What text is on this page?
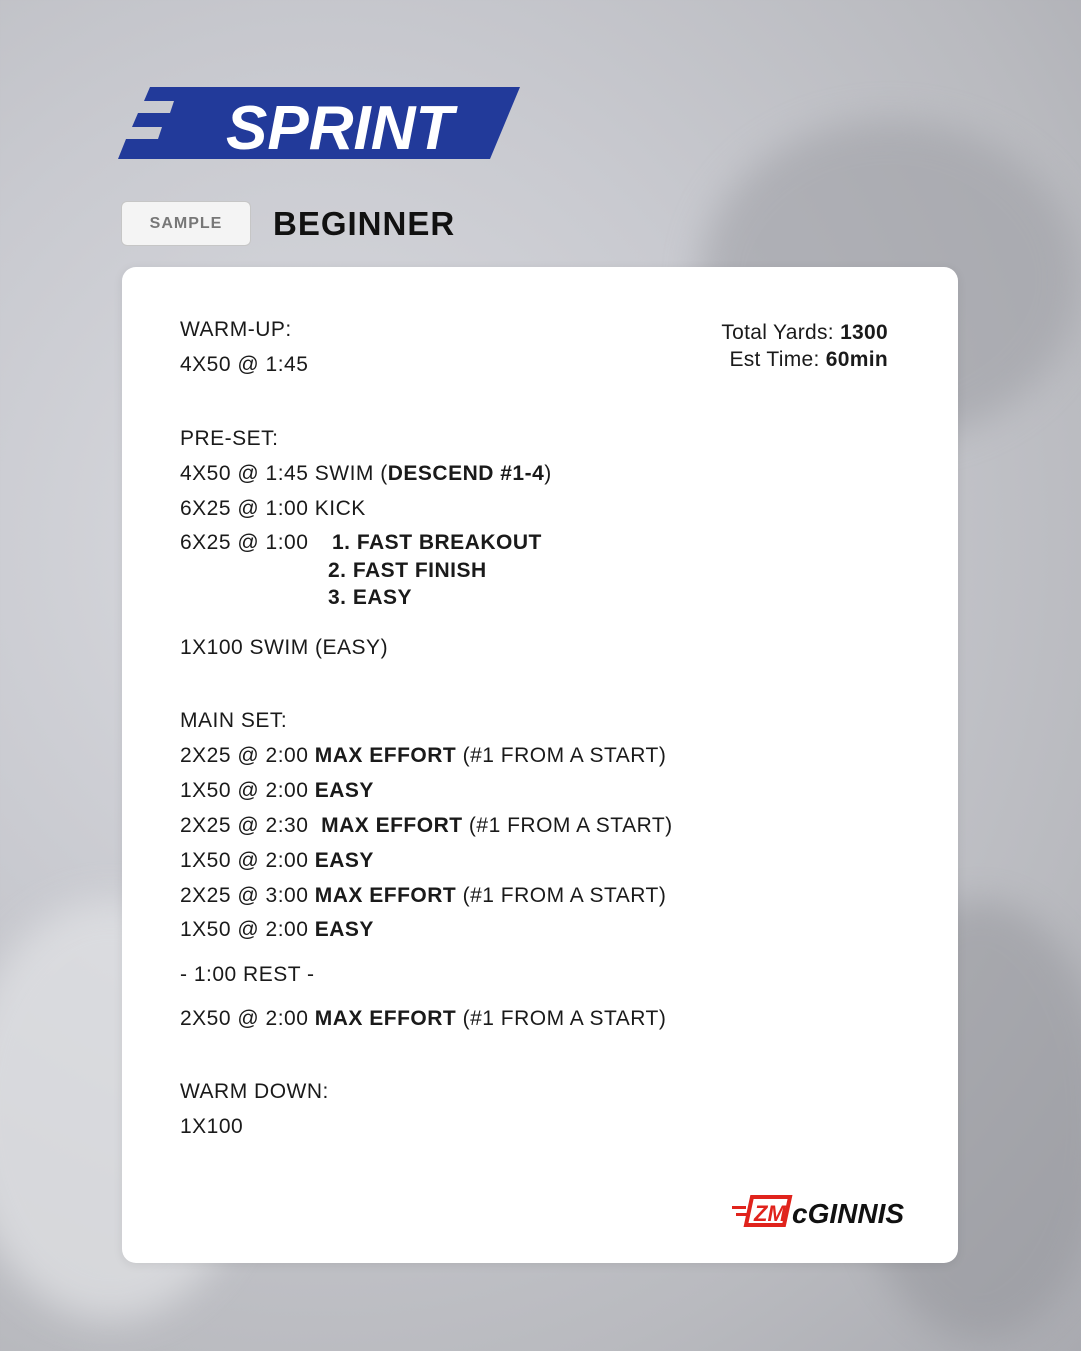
SPRINT
SAMPLE	BEGINNER
Total Yards: 1300
Est Time: 60min
WARM-UP:
4X50 @ 1:45
PRE-SET:
4X50 @ 1:45 SWIM (DESCEND #1-4)
6X25 @ 1:00 KICK
6X25 @ 1:00 1. FAST BREAKOUT
2. FAST FINISH
3. EASY
1X100 SWIM (EASY)
MAIN SET:
2X25 @ 2:00 MAX EFFORT (#1 FROM A START)
1X50 @ 2:00 EASY
2X25 @ 2:30 MAX EFFORT (#1 FROM A START)
1X50 @ 2:00 EASY
2X25 @ 3:00 MAX EFFORT (#1 FROM A START)
1X50 @ 2:00 EASY
- 1:00 REST -
2X50 @ 2:00 MAX EFFORT (#1 FROM A START)
WARM DOWN:
1X100
ZM cGINNIS
